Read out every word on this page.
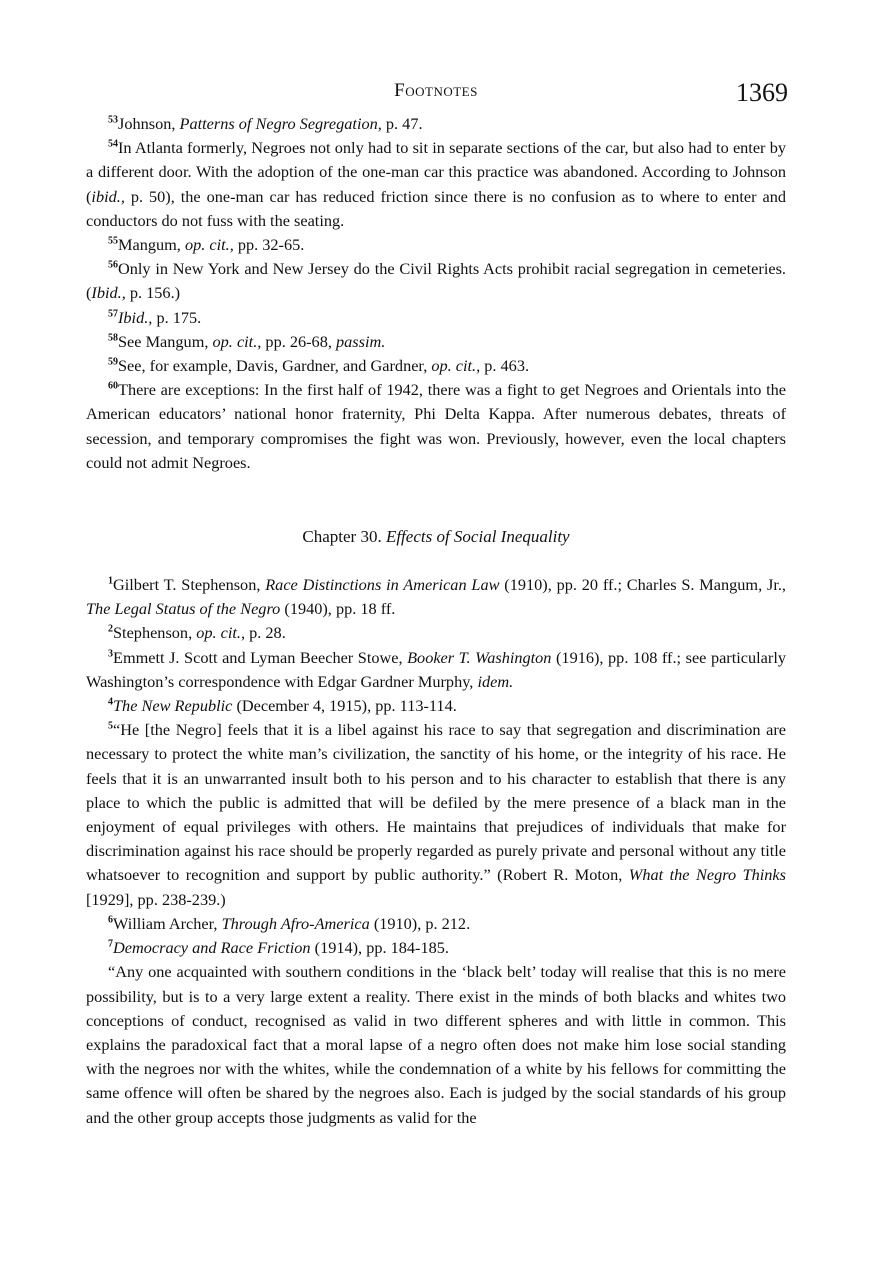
Footnotes	1369

$^{53}$Johnson, Patterns of Negro Segregation, p. 47.

$^{54}$In Atlanta formerly, Negroes not only had to sit in separate sections of the car, but also had to enter by a different door. With the adoption of the one-man car this practice was abandoned. According to Johnson (ibid., p. 50), the one-man car has reduced friction since there is no confusion as to where to enter and conductors do not fuss with the seating.

$^{55}$Mangum, op. cit., pp. 32-65.

$^{56}$Only in New York and New Jersey do the Civil Rights Acts prohibit racial segregation in cemeteries. (Ibid., p. 156.)

$^{57}$Ibid., p. 175.

$^{58}$See Mangum, op. cit., pp. 26-68, passim.

$^{59}$See, for example, Davis, Gardner, and Gardner, op. cit., p. 463.

$^{60}$There are exceptions: In the first half of 1942, there was a fight to get Negroes and Orientals into the American educators’ national honor fraternity, Phi Delta Kappa. After numerous debates, threats of secession, and temporary compromises the fight was won. Previously, however, even the local chapters could not admit Negroes.

Chapter 30. Effects of Social Inequality

$^1$Gilbert T. Stephenson, Race Distinctions in American Law (1910), pp. 20 ff.; Charles S. Mangum, Jr., The Legal Status of the Negro (1940), pp. 18 ff.

$^2$Stephenson, op. cit., p. 28.

$^3$Emmett J. Scott and Lyman Beecher Stowe, Booker T. Washington (1916), pp. 108 ff.; see particularly Washington’s correspondence with Edgar Gardner Murphy, idem.

$^4$The New Republic (December 4, 1915), pp. 113-114.

$^5$“He [the Negro] feels that it is a libel against his race to say that segregation and discrimination are necessary to protect the white man’s civilization, the sanctity of his home, or the integrity of his race. He feels that it is an unwarranted insult both to his person and to his character to establish that there is any place to which the public is admitted that will be defiled by the mere presence of a black man in the enjoyment of equal privileges with others. He maintains that prejudices of individuals that make for discrimination against his race should be properly regarded as purely private and personal without any title whatsoever to recognition and support by public authority.” (Robert R. Moton, What the Negro Thinks [1929], pp. 238-239.)

$^6$William Archer, Through Afro-America (1910), p. 212.

$^7$Democracy and Race Friction (1914), pp. 184-185.

“Any one acquainted with southern conditions in the ‘black belt’ today will realise that this is no mere possibility, but is to a very large extent a reality. There exist in the minds of both blacks and whites two conceptions of conduct, recognised as valid in two different spheres and with little in common. This explains the paradoxical fact that a moral lapse of a negro often does not make him lose social standing with the negroes nor with the whites, while the condemnation of a white by his fellows for committing the same offence will often be shared by the negroes also. Each is judged by the social standards of his group and the other group accepts those judgments as valid for the
